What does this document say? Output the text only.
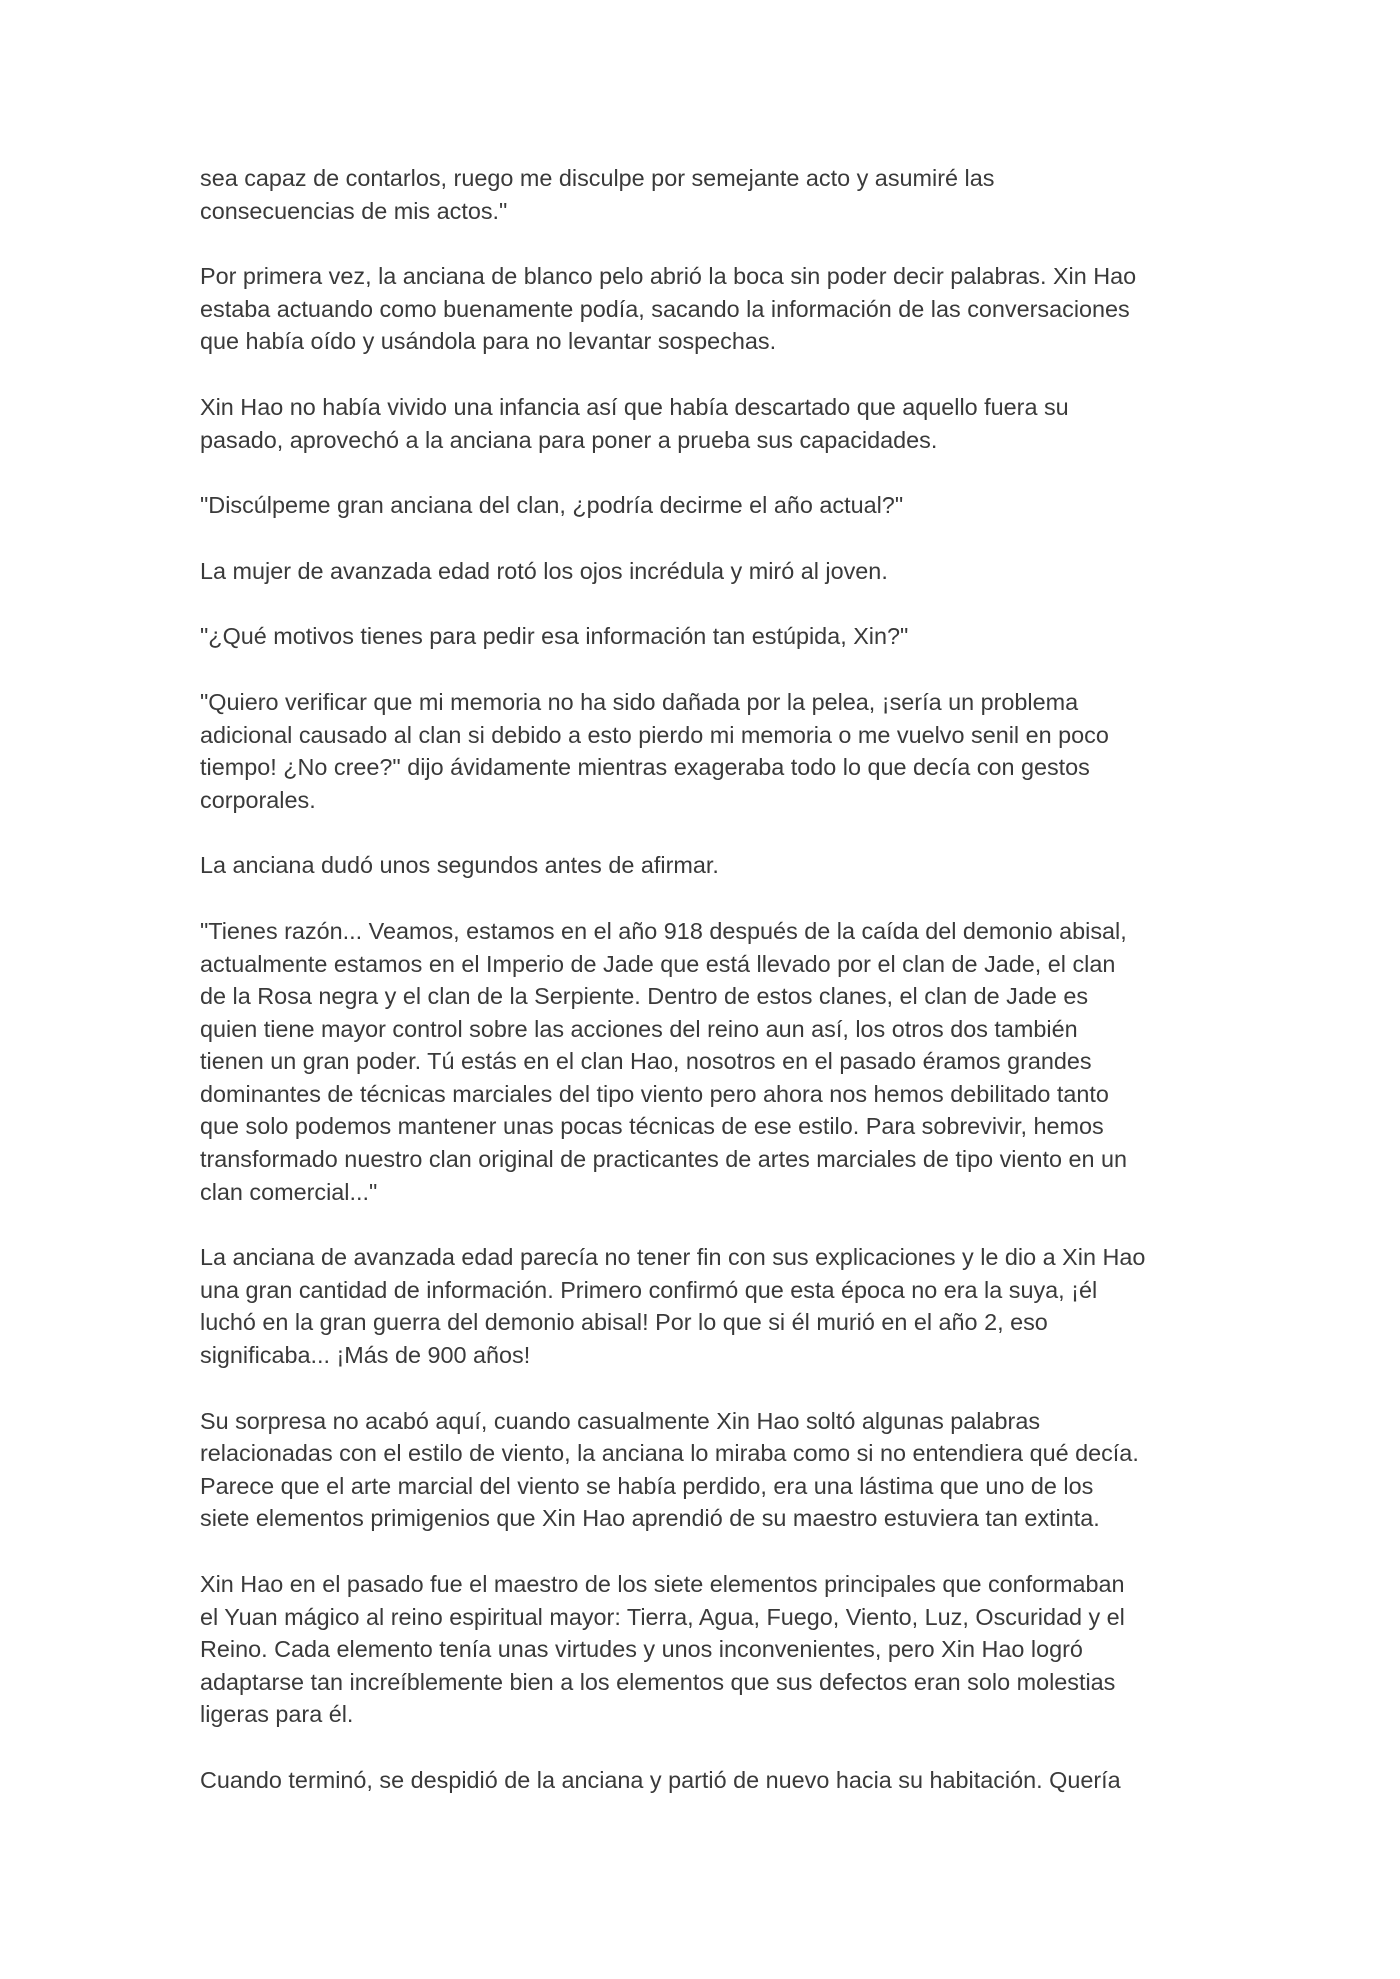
sea capaz de contarlos, ruego me disculpe por semejante acto y asumiré las
consecuencias de mis actos."

Por primera vez, la anciana de blanco pelo abrió la boca sin poder decir palabras. Xin Hao
estaba actuando como buenamente podía, sacando la información de las conversaciones
que había oído y usándola para no levantar sospechas.

Xin Hao no había vivido una infancia así que había descartado que aquello fuera su
pasado, aprovechó a la anciana para poner a prueba sus capacidades.

"Discúlpeme gran anciana del clan, ¿podría decirme el año actual?"

La mujer de avanzada edad rotó los ojos incrédula y miró al joven.

"¿Qué motivos tienes para pedir esa información tan estúpida, Xin?"

"Quiero verificar que mi memoria no ha sido dañada por la pelea, ¡sería un problema
adicional causado al clan si debido a esto pierdo mi memoria o me vuelvo senil en poco
tiempo! ¿No cree?" dijo ávidamente mientras exageraba todo lo que decía con gestos
corporales.

La anciana dudó unos segundos antes de afirmar.

"Tienes razón... Veamos, estamos en el año 918 después de la caída del demonio abisal,
actualmente estamos en el Imperio de Jade que está llevado por el clan de Jade, el clan
de la Rosa negra y el clan de la Serpiente. Dentro de estos clanes, el clan de Jade es
quien tiene mayor control sobre las acciones del reino aun así, los otros dos también
tienen un gran poder. Tú estás en el clan Hao, nosotros en el pasado éramos grandes
dominantes de técnicas marciales del tipo viento pero ahora nos hemos debilitado tanto
que solo podemos mantener unas pocas técnicas de ese estilo. Para sobrevivir, hemos
transformado nuestro clan original de practicantes de artes marciales de tipo viento en un
clan comercial..."

La anciana de avanzada edad parecía no tener fin con sus explicaciones y le dio a Xin Hao
una gran cantidad de información. Primero confirmó que esta época no era la suya, ¡él
luchó en la gran guerra del demonio abisal! Por lo que si él murió en el año 2, eso
significaba... ¡Más de 900 años!

Su sorpresa no acabó aquí, cuando casualmente Xin Hao soltó algunas palabras
relacionadas con el estilo de viento, la anciana lo miraba como si no entendiera qué decía.
Parece que el arte marcial del viento se había perdido, era una lástima que uno de los
siete elementos primigenios que Xin Hao aprendió de su maestro estuviera tan extinta.

Xin Hao en el pasado fue el maestro de los siete elementos principales que conformaban
el Yuan mágico al reino espiritual mayor: Tierra, Agua, Fuego, Viento, Luz, Oscuridad y el
Reino. Cada elemento tenía unas virtudes y unos inconvenientes, pero Xin Hao logró
adaptarse tan increíblemente bien a los elementos que sus defectos eran solo molestias
ligeras para él.

Cuando terminó, se despidió de la anciana y partió de nuevo hacia su habitación. Quería
